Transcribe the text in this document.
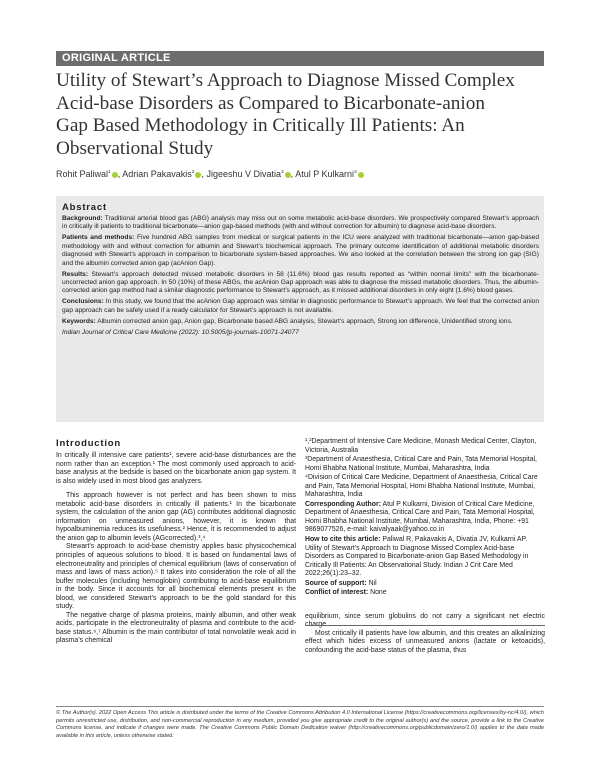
ORIGINAL ARTICLE
Utility of Stewart’s Approach to Diagnose Missed Complex
Acid-base Disorders as Compared to Bicarbonate-anion
Gap Based Methodology in Critically Ill Patients: An
Observational Study
Rohit Paliwal$^1$ , Adrian Pakavakis$^2$ , Jigeeshu V Divatia$^3$ , Atul P Kulkarni$^4$
Abstract

Background: Traditional arterial blood gas (ABG) analysis may miss out on some metabolic acid-base disorders. We prospectively compared Stewart’s approach in critically ill patients to traditional bicarbonate—anion gap-based methods (with and without correction for albumin) to diagnose acid-base disorders.

Patients and methods: Five hundred ABG samples from medical or surgical patients in the ICU were analyzed with traditional bicarbonate—anion gap-based methodology with and without correction for albumin and Stewart’s biochemical approach. The primary outcome identification of additional metabolic disorders diagnosed with Stewart’s approach in comparison to bicarbonate system-based approaches. We also looked at the correlation between the strong ion gap (SIG) and the albumin corrected anion gap (acAnion Gap).

Results: Stewart’s approach detected missed metabolic disorders in 58 (11.6%) blood gas results reported as “within normal limits” with the bicarbonate-uncorrected anion gap approach. In 50 (10%) of these ABGs, the acAnion Gap approach was able to diagnose the missed metabolic disorders. Thus, the albumin-corrected anion gap method had a similar diagnostic performance to Stewart’s approach, as it missed additional disorders in only eight (1.6%) blood gases.

Conclusions: In this study, we found that the acAnion Gap approach was similar in diagnostic performance to Stewart’s approach. We feel that the corrected anion gap approach can be safely used if a ready calculator for Stewart’s approach is not available.

Keywords: Albumin corrected anion gap, Anion gap, Bicarbonate based ABG analysis, Stewart’s approach, Strong ion difference, Unidentified strong ions.

Indian Journal of Critical Care Medicine (2022): 10.5005/jp-journals-10071-24077

Introduction

In critically ill intensive care patients¹, severe acid-base disturbances are the norm rather than an exception.¹ The most commonly used approach to acid-base analysis at the bedside is based on the bicarbonate anion gap system. It is also widely used in most blood gas analyzers.

This approach however is not perfect and has been shown to miss metabolic acid-base disorders in critically ill patients.¹ In the bicarbonate system, the calculation of the anion gap (AG) contributes additional diagnostic information on unmeasured anions, however, it is known that hypoalbuminemia reduces its usefulness.² Hence, it is recommended to adjust the anion gap to albumin levels (AGcorrected).³,⁴

Stewart’s approach to acid-base chemistry applies basic physicochemical principles of aqueous solutions to blood. It is based on fundamental laws of electroneutrality and principles of chemical equilibrium (laws of conservation of mass and laws of mass action).⁵ It takes into consideration the role of all the buffer molecules (including hemoglobin) contributing to acid-base equilibrium in the body. Since it accounts for all biochemical elements present in the blood, we considered Stewart’s approach to be the gold standard for this study.

The negative charge of plasma proteins, mainly albumin, and other weak acids, participate in the electroneutrality of plasma and contribute to the acid-base status.⁶,⁷ Albumin is the main contributor of total nonvolatile weak acid in plasma’s chemical

¹,²Department of Intensive Care Medicine, Monash Medical Center, Clayton, Victoria, Australia

³Department of Anaesthesia, Critical Care and Pain, Tata Memorial Hospital, Homi Bhabha National Institute, Mumbai, Maharashtra, India

⁴Division of Critical Care Medicine, Department of Anaesthesia, Critical Care and Pain, Tata Memorial Hospital, Homi Bhabha National Institute, Mumbai, Maharashtra, India

Corresponding Author: Atul P Kulkarni, Division of Critical Care Medicine, Department of Anaesthesia, Critical Care and Pain, Tata Memorial Hospital, Homi Bhabha National Institute, Mumbai, Maharashtra, India, Phone: +91 9869077526, e-mail: kaivalyaak@yahoo.co.in

How to cite this article: Paliwal R, Pakavakis A, Divatia JV, Kulkarni AP. Utility of Stewart’s Approach to Diagnose Missed Complex Acid-base Disorders as Compared to Bicarbonate-anion Gap Based Methodology in Critically Ill Patients: An Observational Study. Indian J Crit Care Med 2022;26(1):23–32.

Source of support: Nil

Conflict of interest: None

equilibrium, since serum globulins do not carry a significant net electric charge.

Most critically ill patients have low albumin, and this creates an alkalinizing effect which hides excess of unmeasured anions (lactate or ketoacids), confounding the acid-base status of the plasma, thus

© The Author(s). 2022 Open Access This article is distributed under the terms of the Creative Commons Attribution 4.0 International License (https://creativecommons.org/licenses/by-nc/4.0/), which permits unrestricted use, distribution, and non-commercial reproduction in any medium, provided you give appropriate credit to the original author(s) and the source, provide a link to the Creative Commons license, and indicate if changes were made. The Creative Commons Public Domain Dedication waiver (http://creativecommons.org/publicdomain/zero/1.0/) applies to the data made available in this article, unless otherwise stated.
